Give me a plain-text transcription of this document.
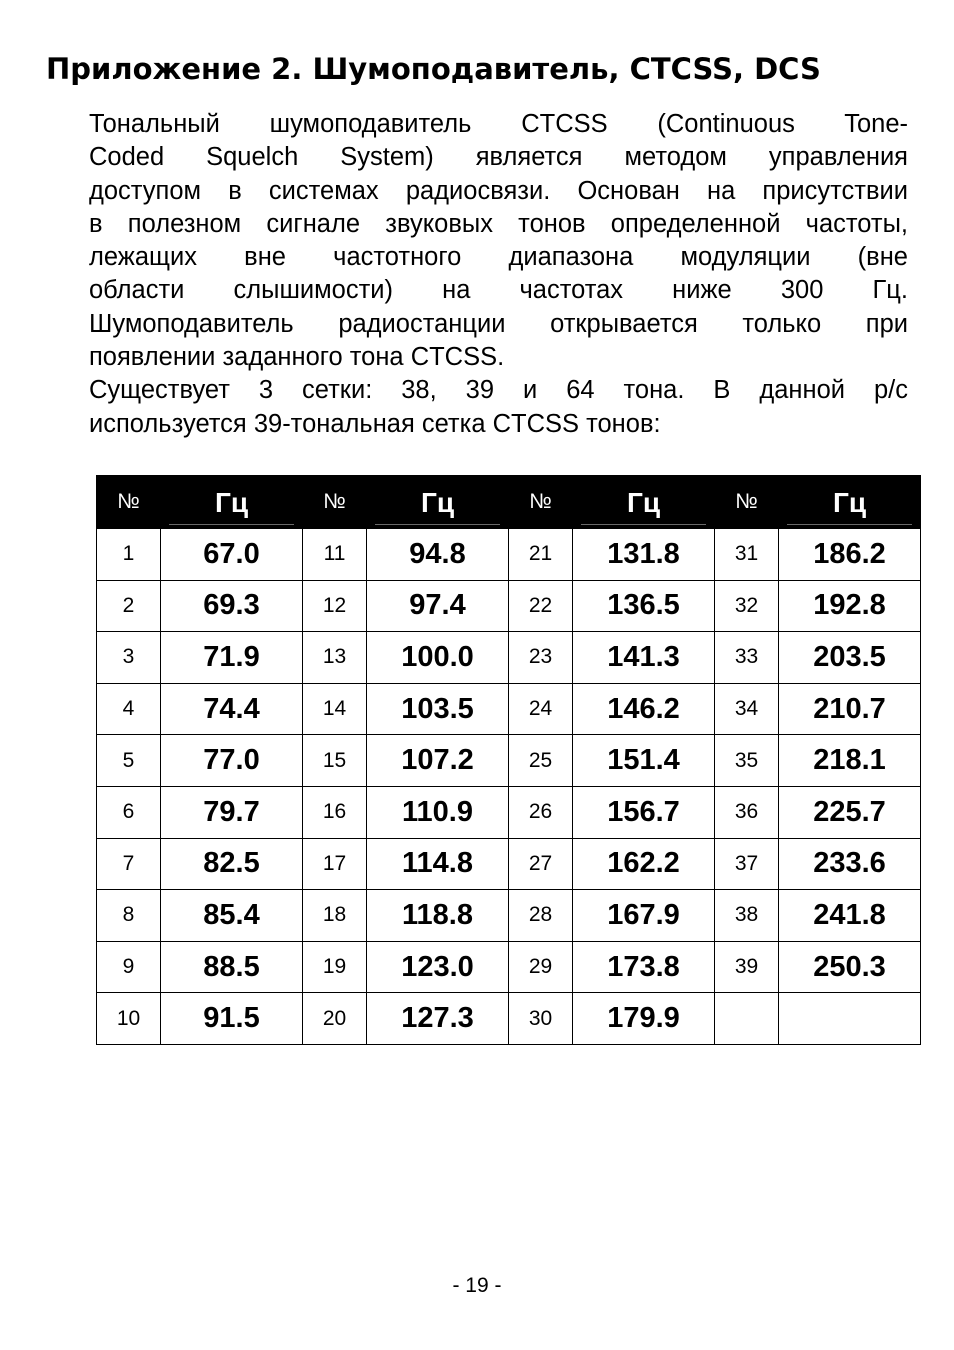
Приложение 2. Шумоподавитель, CTCSS, DCS

Тональный шумоподавитель CTCSS (Continuous Tone-

Coded Squelch System) является методом управления

доступом в системах радиосвязи. Основан на присутствии

в полезном сигнале звуковых тонов определенной частоты,

лежащих вне частотного диапазона модуляции (вне

области слышимости) на частотах ниже 300 Гц.

Шумоподавитель радиостанции открывается только при

появлении заданного тона CTCSS.

Существует 3 сетки: 38, 39 и 64 тона. В данной р/с

используется 39-тональная сетка CTCSS тонов:

№	Гц	№	Гц	№	Гц	№	Гц

1	67.0	11	94.8	21	131.8	31	186.2
2	69.3	12	97.4	22	136.5	32	192.8
3	71.9	13	100.0	23	141.3	33	203.5
4	74.4	14	103.5	24	146.2	34	210.7
5	77.0	15	107.2	25	151.4	35	218.1
6	79.7	16	110.9	26	156.7	36	225.7
7	82.5	17	114.8	27	162.2	37	233.6
8	85.4	18	118.8	28	167.9	38	241.8
9	88.5	19	123.0	29	173.8	39	250.3
10	91.5	20	127.3	30	179.9		
- 19 -
